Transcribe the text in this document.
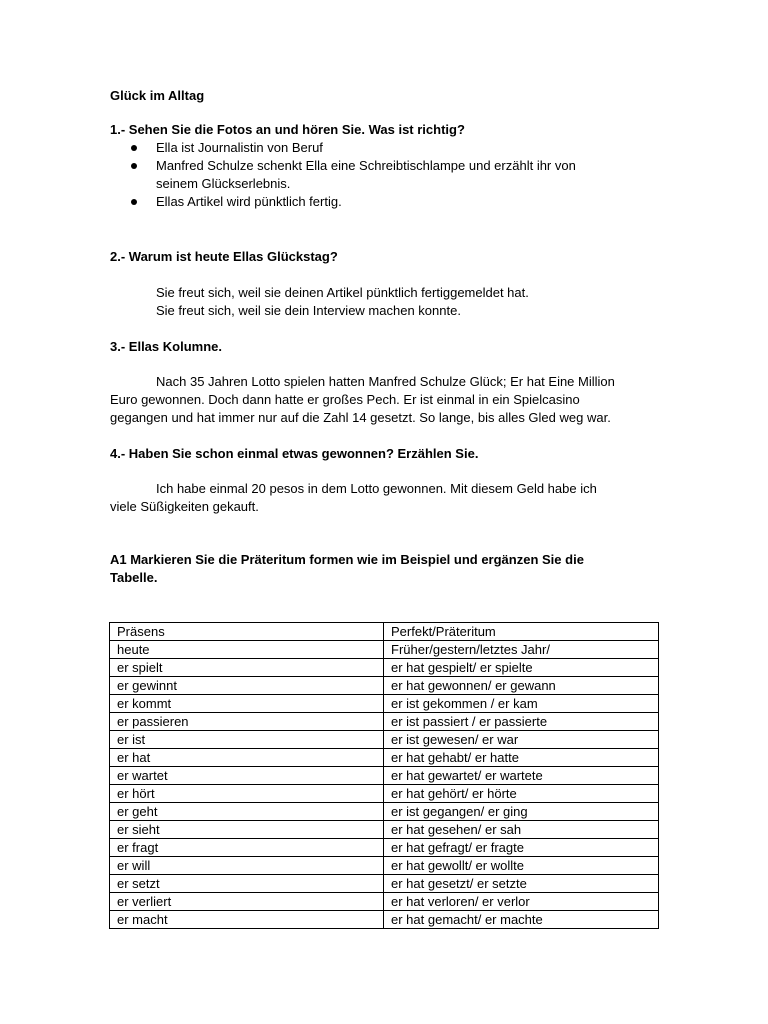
Glück im Alltag
1.- Sehen Sie die Fotos an und hören Sie. Was ist richtig?
Ella ist Journalistin von Beruf
Manfred Schulze schenkt Ella eine Schreibtischlampe und erzählt ihr von
seinem Glückserlebnis.
Ellas Artikel wird pünktlich fertig.
2.- Warum ist heute Ellas Glückstag?
Sie freut sich, weil sie deinen Artikel pünktlich fertiggemeldet hat.
Sie freut sich, weil sie dein Interview machen konnte.
3.- Ellas Kolumne.
Nach 35 Jahren Lotto spielen hatten Manfred Schulze Glück; Er hat Eine Million
Euro gewonnen. Doch dann hatte er großes Pech. Er ist einmal in ein Spielcasino
gegangen und hat immer nur auf die Zahl 14 gesetzt. So lange, bis alles Gled weg war.
4.- Haben Sie schon einmal etwas gewonnen? Erzählen Sie.
Ich habe einmal 20 pesos in dem Lotto gewonnen. Mit diesem Geld habe ich
viele Süßigkeiten gekauft.
A1 Markieren Sie die Präteritum formen wie im Beispiel und ergänzen Sie die
Tabelle.
Präsens	Perfekt/Präteritum
heute	Früher/gestern/letztes Jahr/
er spielt	er hat gespielt/ er spielte
er gewinnt	er hat gewonnen/ er gewann
er kommt	er ist gekommen / er kam
er passieren	er ist passiert / er passierte
er ist	er ist gewesen/ er war
er hat	er hat gehabt/ er hatte
er wartet	er hat gewartet/ er wartete
er hört	er hat gehört/ er hörte
er geht	er ist gegangen/ er ging
er sieht	er hat gesehen/ er sah
er fragt	er hat gefragt/ er fragte
er will	er hat gewollt/ er wollte
er setzt	er hat gesetzt/ er setzte
er verliert	er hat verloren/ er verlor
er macht	er hat gemacht/ er machte
